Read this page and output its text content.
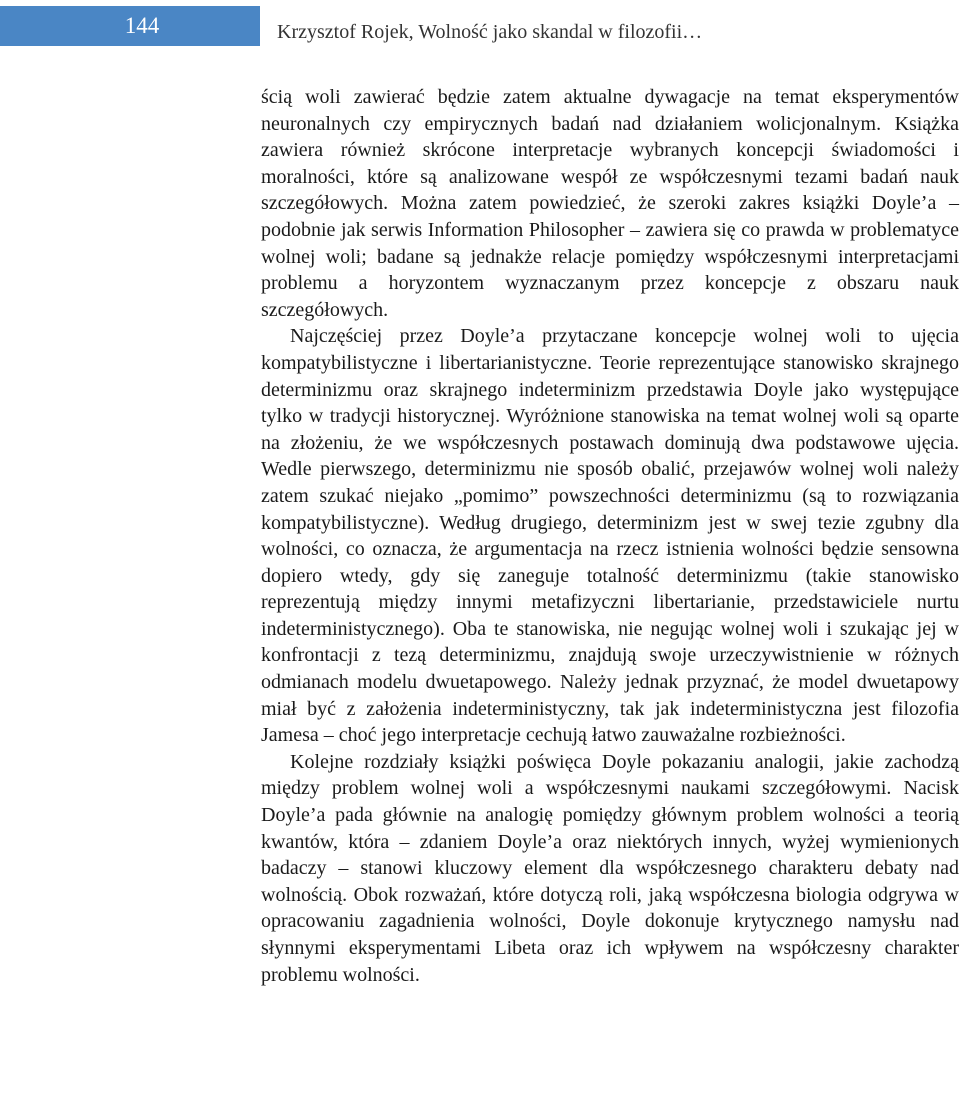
144	Krzysztof Rojek, Wolność jako skandal w filozofii…

ścią woli zawierać będzie zatem aktualne dywagacje na temat eksperymentów neuronalnych czy empirycznych badań nad działaniem wolicjonalnym. Książka zawiera również skrócone interpretacje wybranych koncepcji świadomości i moralności, które są analizowane wespół ze współczesnymi tezami badań nauk szczegółowych. Można zatem powiedzieć, że szeroki zakres książki Doyle’a – podobnie jak serwis Information Philosopher – zawiera się co prawda w problematyce wolnej woli; badane są jednakże relacje pomiędzy współczesnymi interpretacjami problemu a horyzontem wyznaczanym przez koncepcje z obszaru nauk szczegółowych.

Najczęściej przez Doyle’a przytaczane koncepcje wolnej woli to ujęcia kompatybilistyczne i libertarianistyczne. Teorie reprezentujące stanowisko skrajnego determinizmu oraz skrajnego indeterminizm przedstawia Doyle jako występujące tylko w tradycji historycznej. Wyróżnione stanowiska na temat wolnej woli są oparte na złożeniu, że we współczesnych postawach dominują dwa podstawowe ujęcia. Wedle pierwszego, determinizmu nie sposób obalić, przejawów wolnej woli należy zatem szukać niejako „pomimo” powszechności determinizmu (są to rozwiązania kompatybilistyczne). Według drugiego, determinizm jest w swej tezie zgubny dla wolności, co oznacza, że argumentacja na rzecz istnienia wolności będzie sensowna dopiero wtedy, gdy się zaneguje totalność determinizmu (takie stanowisko reprezentują między innymi metafizyczni libertarianie, przedstawiciele nurtu indeterministycznego). Oba te stanowiska, nie negując wolnej woli i szukając jej w konfrontacji z tezą determinizmu, znajdują swoje urzeczywistnienie w różnych odmianach modelu dwuetapowego. Należy jednak przyznać, że model dwuetapowy miał być z założenia indeterministyczny, tak jak indeterministyczna jest filozofia Jamesa – choć jego interpretacje cechują łatwo zauważalne rozbieżności.

Kolejne rozdziały książki poświęca Doyle pokazaniu analogii, jakie zachodzą między problem wolnej woli a współczesnymi naukami szczegółowymi. Nacisk Doyle’a pada głównie na analogię pomiędzy głównym problem wolności a teorią kwantów, która – zdaniem Doyle’a oraz niektórych innych, wyżej wymienionych badaczy – stanowi kluczowy element dla współczesnego charakteru debaty nad wolnością. Obok rozważań, które dotyczą roli, jaką współczesna biologia odgrywa w opracowaniu zagadnienia wolności, Doyle dokonuje krytycznego namysłu nad słynnymi eksperymentami Libeta oraz ich wpływem na współczesny charakter problemu wolności.
